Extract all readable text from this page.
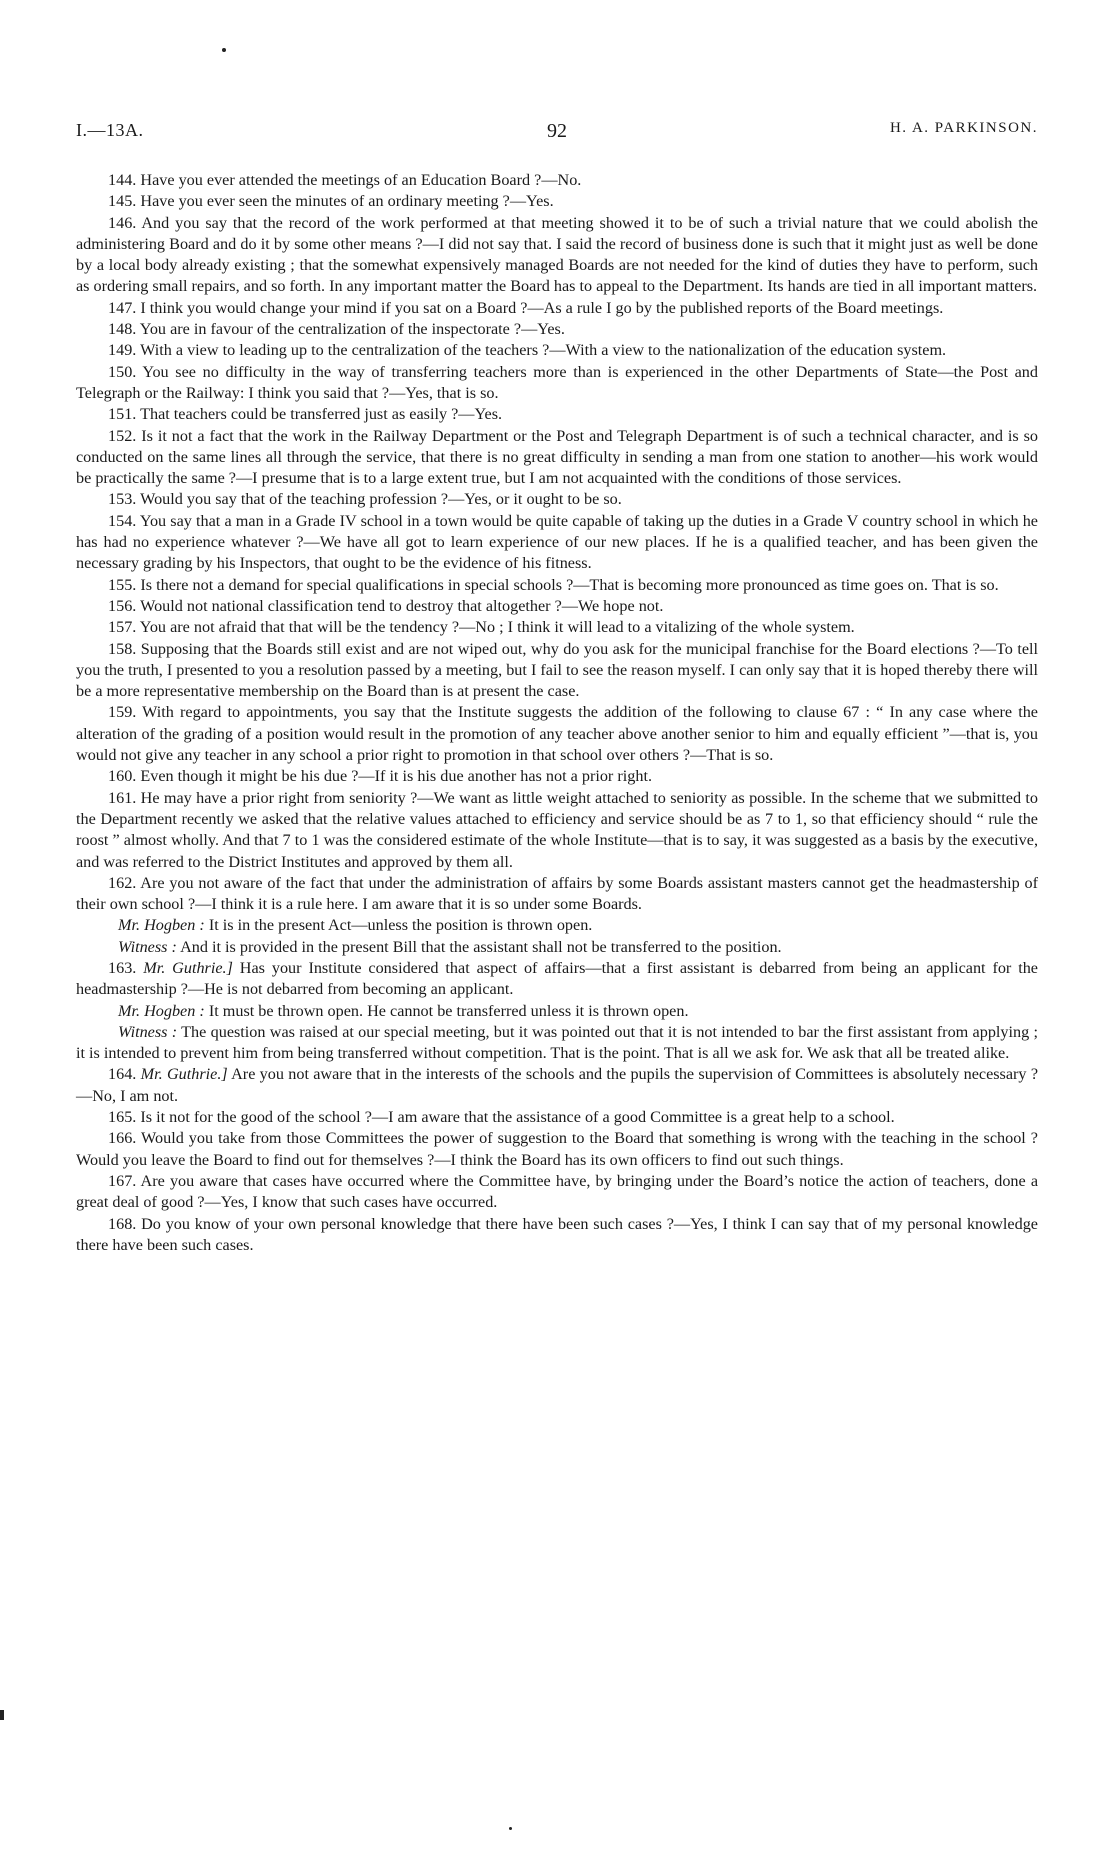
I.—13A.	92	H. A. PARKINSON.

144. Have you ever attended the meetings of an Education Board ?—No.

145. Have you ever seen the minutes of an ordinary meeting ?—Yes.

146. And you say that the record of the work performed at that meeting showed it to be of such a trivial nature that we could abolish the administering Board and do it by some other means ?—I did not say that. I said the record of business done is such that it might just as well be done by a local body already existing ; that the somewhat expensively managed Boards are not needed for the kind of duties they have to perform, such as ordering small repairs, and so forth. In any important matter the Board has to appeal to the Department. Its hands are tied in all important matters.

147. I think you would change your mind if you sat on a Board ?—As a rule I go by the published reports of the Board meetings.

148. You are in favour of the centralization of the inspectorate ?—Yes.

149. With a view to leading up to the centralization of the teachers ?—With a view to the nationalization of the education system.

150. You see no difficulty in the way of transferring teachers more than is experienced in the other Departments of State—the Post and Telegraph or the Railway: I think you said that ?—Yes, that is so.

151. That teachers could be transferred just as easily ?—Yes.

152. Is it not a fact that the work in the Railway Department or the Post and Telegraph Department is of such a technical character, and is so conducted on the same lines all through the service, that there is no great difficulty in sending a man from one station to another—his work would be practically the same ?—I presume that is to a large extent true, but I am not acquainted with the conditions of those services.

153. Would you say that of the teaching profession ?—Yes, or it ought to be so.

154. You say that a man in a Grade IV school in a town would be quite capable of taking up the duties in a Grade V country school in which he has had no experience whatever ?—We have all got to learn experience of our new places. If he is a qualified teacher, and has been given the necessary grading by his Inspectors, that ought to be the evidence of his fitness.

155. Is there not a demand for special qualifications in special schools ?—That is becoming more pronounced as time goes on. That is so.

156. Would not national classification tend to destroy that altogether ?—We hope not.

157. You are not afraid that that will be the tendency ?—No ; I think it will lead to a vitalizing of the whole system.

158. Supposing that the Boards still exist and are not wiped out, why do you ask for the municipal franchise for the Board elections ?—To tell you the truth, I presented to you a resolution passed by a meeting, but I fail to see the reason myself. I can only say that it is hoped thereby there will be a more representative membership on the Board than is at present the case.

159. With regard to appointments, you say that the Institute suggests the addition of the following to clause 67 : “ In any case where the alteration of the grading of a position would result in the promotion of any teacher above another senior to him and equally efficient ”—that is, you would not give any teacher in any school a prior right to promotion in that school over others ?—That is so.

160. Even though it might be his due ?—If it is his due another has not a prior right.

161. He may have a prior right from seniority ?—We want as little weight attached to seniority as possible. In the scheme that we submitted to the Department recently we asked that the relative values attached to efficiency and service should be as 7 to 1, so that efficiency should “ rule the roost ” almost wholly. And that 7 to 1 was the considered estimate of the whole Institute—that is to say, it was suggested as a basis by the executive, and was referred to the District Institutes and approved by them all.

162. Are you not aware of the fact that under the administration of affairs by some Boards assistant masters cannot get the headmastership of their own school ?—I think it is a rule here. I am aware that it is so under some Boards.

Mr. Hogben : It is in the present Act—unless the position is thrown open.

Witness : And it is provided in the present Bill that the assistant shall not be transferred to the position.

163. Mr. Guthrie.] Has your Institute considered that aspect of affairs—that a first assistant is debarred from being an applicant for the headmastership ?—He is not debarred from becoming an applicant.

Mr. Hogben : It must be thrown open. He cannot be transferred unless it is thrown open.

Witness : The question was raised at our special meeting, but it was pointed out that it is not intended to bar the first assistant from applying ; it is intended to prevent him from being transferred without competition. That is the point. That is all we ask for. We ask that all be treated alike.

164. Mr. Guthrie.] Are you not aware that in the interests of the schools and the pupils the supervision of Committees is absolutely necessary ?—No, I am not.

165. Is it not for the good of the school ?—I am aware that the assistance of a good Committee is a great help to a school.

166. Would you take from those Committees the power of suggestion to the Board that something is wrong with the teaching in the school ? Would you leave the Board to find out for themselves ?—I think the Board has its own officers to find out such things.

167. Are you aware that cases have occurred where the Committee have, by bringing under the Board’s notice the action of teachers, done a great deal of good ?—Yes, I know that such cases have occurred.

168. Do you know of your own personal knowledge that there have been such cases ?—Yes, I think I can say that of my personal knowledge there have been such cases.
